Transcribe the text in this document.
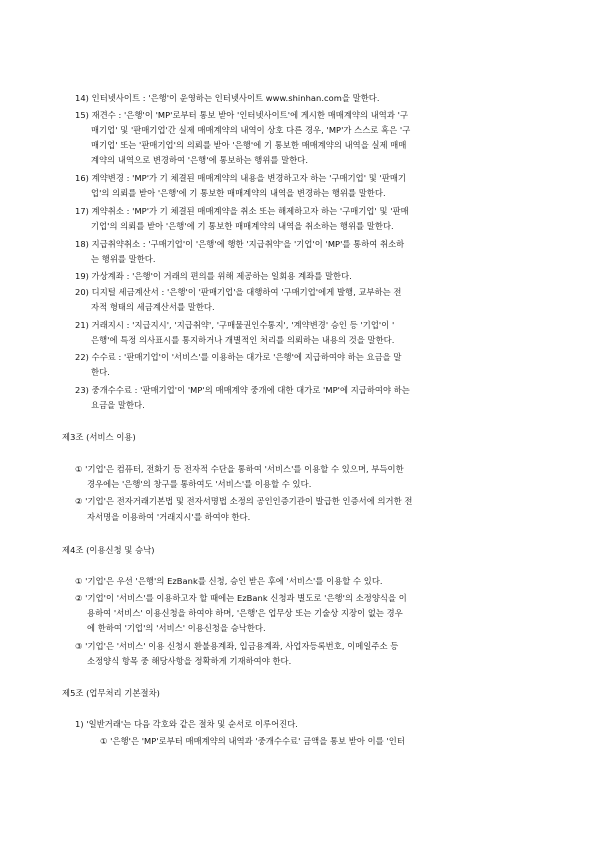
14) 인터넷사이트 : '은행'이 운영하는 인터넷사이트 www.shinhan.com을 말한다.
15) 재견수 : '은행'이 'MP'로부터 통보 받아 '인터넷사이트'에 게시한 매매계약의 내역과 '구
매기업' 및 '판매기업'간 실제 매매계약의 내역이 상호 다른 경우, 'MP'가 스스로 혹은 '구
매기업' 또는 '판매기업'의 의뢰를 받아 '은행'에 기 통보한 매매계약의 내역을 실제 매매
계약의 내역으로 변경하여 '은행'에 통보하는 행위를 말한다.
16) 계약변경 : 'MP'가 기 체결된 매매계약의 내용을 변경하고자 하는 '구매기업' 및 '판매기
업'의 의뢰를 받아 '은행'에 기 통보한 매매계약의 내역을 변경하는 행위를 말한다.
17) 계약취소 : 'MP'가 기 체결된 매매계약을 취소 또는 해제하고자 하는 '구매기업' 및 '판매
기업'의 의뢰를 받아 '은행'에 기 통보한 매매계약의 내역을 취소하는 행위를 말한다.
18) 지급취약취소 : '구매기업'이 '은행'에 행한 '지급취약'을 '기업'이 'MP'를 통하여 취소하
는 행위를 말한다.
19) 가상계좌 : '은행'이 거래의 편의를 위해 제공하는 일회용 계좌를 말한다.
20) 디지털 세금계산서 : '은행'이 '판매기업'을 대행하여 '구매기업'에게 발행, 교부하는 전
자적 형태의 세금계산서를 말한다.
21) 거래지시 : '지급지시', '지급취약', '구매물권인수통지', '계약변경' 승인 등 '기업'이 '
은행'에 특정 의사표시를 통지하거나 개별적인 처리를 의뢰하는 내용의 것을 말한다.
22) 수수료 : '판매기업'이 '서비스'를 이용하는 대가로 '은행'에 지급하여야 하는 요금을 말
한다.
23) 중개수수료 : '판매기업'이 'MP'의 매매계약 중개에 대한 대가로 'MP'에 지급하여야 하는
요금을 말한다.
제3조 (서비스 이용)
① '기업'은 컴퓨터, 전화기 등 전자적 수단을 통하여 '서비스'를 이용할 수 있으며, 부득이한
경우에는 '은행'의 창구를 통하여도 '서비스'를 이용할 수 있다.
② '기업'은 전자거래기본법 및 전자서명법 소정의 공인인증기관이 발급한 인증서에 의거한 전
자서명을 이용하여 '거래지시'를 하여야 한다.
제4조 (이용신청 및 승낙)
① '기업'은 우선 '은행'의 EzBank를 신청, 승인 받은 후에 '서비스'를 이용할 수 있다.
② '기업'이 '서비스'를 이용하고자 할 때에는 EzBank 신청과 별도로 '은행'의 소정양식을 이
용하여 '서비스' 이용신청을 하여야 하며, '은행'은 업무상 또는 기술상 지장이 없는 경우
에 한하여 '기업'의 '서비스' 이용신청을 승낙한다.
③ '기업'은 '서비스' 이용 신청시 환불용계좌, 입금용계좌, 사업자등록번호, 이메일주소 등
소정양식 항목 중 해당사항을 정확하게 기재하여야 한다.
제5조 (업무처리 기본절차)
1) '일반거래'는 다음 각호와 같은 절차 및 순서로 이루어진다.
① '은행'은 'MP'로부터 매매계약의 내역과 '중개수수료' 금액을 통보 받아 이를 '인터
